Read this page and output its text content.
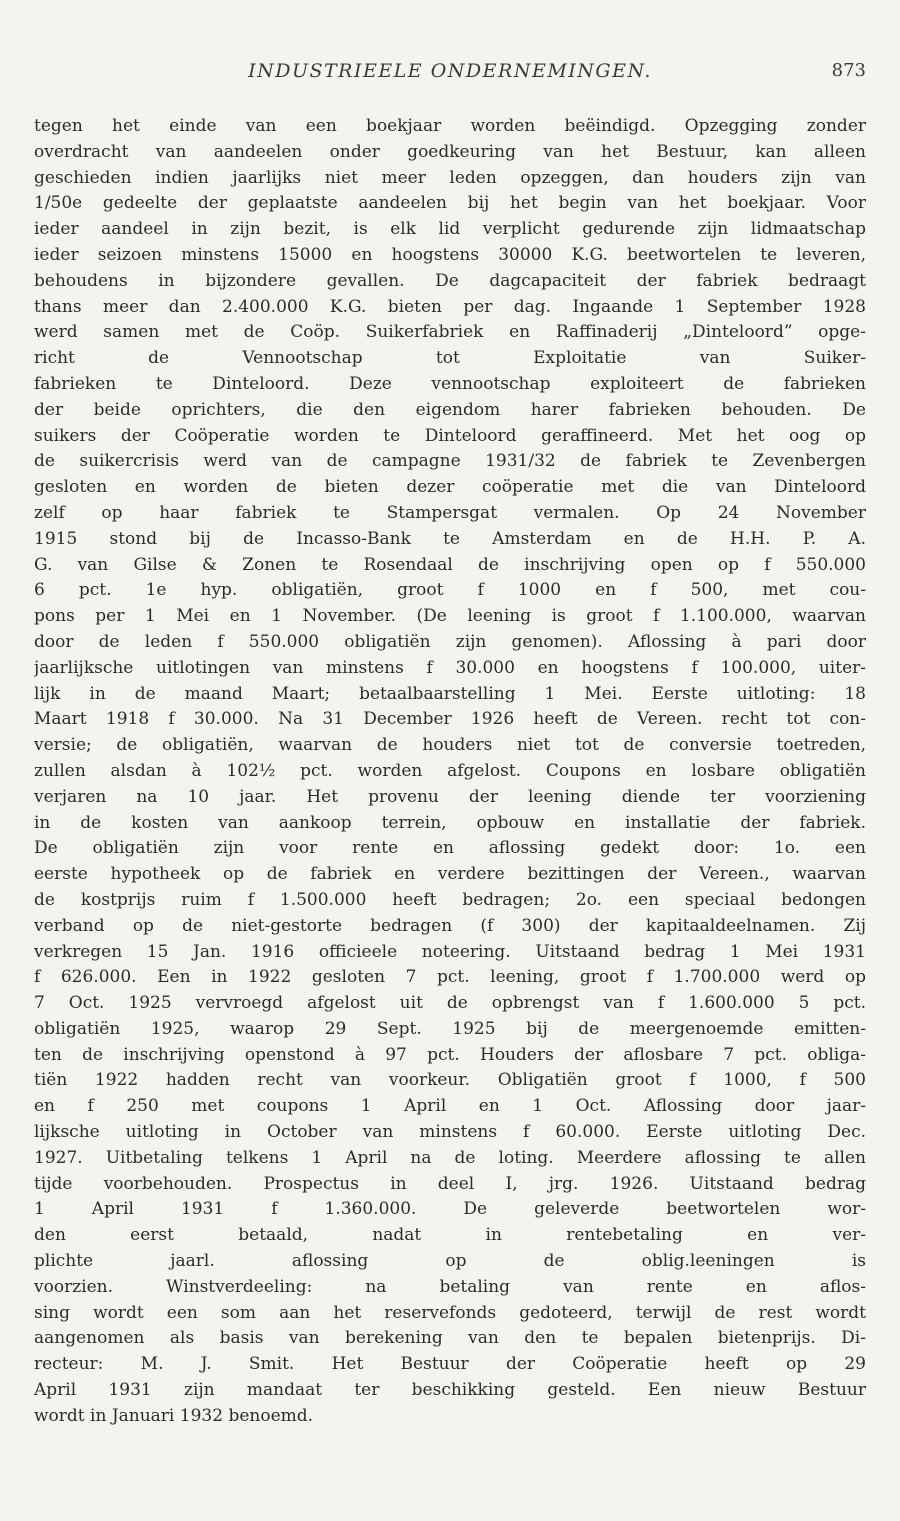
INDUSTRIEELE ONDERNEMINGEN.	873
tegen het einde van een boekjaar worden beëindigd. Opzegging zonder
overdracht van aandeelen onder goedkeuring van het Bestuur, kan alleen
geschieden indien jaarlijks niet meer leden opzeggen, dan houders zijn van
1/50e gedeelte der geplaatste aandeelen bij het begin van het boekjaar. Voor
ieder aandeel in zijn bezit, is elk lid verplicht gedurende zijn lidmaatschap
ieder seizoen minstens 15000 en hoogstens 30000 K.G. beetwortelen te leveren,
behoudens in bijzondere gevallen. De dagcapaciteit der fabriek bedraagt
thans meer dan 2.400.000 K.G. bieten per dag. Ingaande 1 September 1928
werd samen met de Coöp. Suikerfabriek en Raffinaderij „Dinteloord” opge-
richt de Vennootschap tot Exploitatie van Suiker-
fabrieken te Dinteloord. Deze vennootschap exploiteert de fabrieken
der beide oprichters, die den eigendom harer fabrieken behouden. De
suikers der Coöperatie worden te Dinteloord geraffineerd. Met het oog op
de suikercrisis werd van de campagne 1931/32 de fabriek te Zevenbergen
gesloten en worden de bieten dezer coöperatie met die van Dinteloord
zelf op haar fabriek te Stampersgat vermalen. Op 24 November
1915 stond bij de Incasso-Bank te Amsterdam en de H.H. P. A.
G. van Gilse & Zonen te Rosendaal de inschrijving open op f 550.000
6 pct. 1e hyp. obligatiën, groot f 1000 en f 500, met cou-
pons per 1 Mei en 1 November. (De leening is groot f 1.100.000, waarvan
door de leden f 550.000 obligatiën zijn genomen). Aflossing à pari door
jaarlijksche uitlotingen van minstens f 30.000 en hoogstens f 100.000, uiter-
lijk in de maand Maart; betaalbaarstelling 1 Mei. Eerste uitloting: 18
Maart 1918 f 30.000. Na 31 December 1926 heeft de Vereen. recht tot con-
versie; de obligatiën, waarvan de houders niet tot de conversie toetreden,
zullen alsdan à 102½ pct. worden afgelost. Coupons en losbare obligatiën
verjaren na 10 jaar. Het provenu der leening diende ter voorziening
in de kosten van aankoop terrein, opbouw en installatie der fabriek.
De obligatiën zijn voor rente en aflossing gedekt door: 1o. een
eerste hypotheek op de fabriek en verdere bezittingen der Vereen., waarvan
de kostprijs ruim f 1.500.000 heeft bedragen; 2o. een speciaal bedongen
verband op de niet-gestorte bedragen (f 300) der kapitaaldeelnamen. Zij
verkregen 15 Jan. 1916 officieele noteering. Uitstaand bedrag 1 Mei 1931
f 626.000. Een in 1922 gesloten 7 pct. leening, groot f 1.700.000 werd op
7 Oct. 1925 vervroegd afgelost uit de opbrengst van f 1.600.000 5 pct.
obligatiën 1925, waarop 29 Sept. 1925 bij de meergenoemde emitten-
ten de inschrijving openstond à 97 pct. Houders der aflosbare 7 pct. obliga-
tiën 1922 hadden recht van voorkeur. Obligatiën groot f 1000, f 500
en f 250 met coupons 1 April en 1 Oct. Aflossing door jaar-
lijksche uitloting in October van minstens f 60.000. Eerste uitloting Dec.
1927. Uitbetaling telkens 1 April na de loting. Meerdere aflossing te allen
tijde voorbehouden. Prospectus in deel I, jrg. 1926. Uitstaand bedrag
1 April 1931 f 1.360.000. De geleverde beetwortelen wor-
den eerst betaald, nadat in rentebetaling en ver-
plichte jaarl. aflossing op de oblig.leeningen is
voorzien. Winstverdeeling: na betaling van rente en aflos-
sing wordt een som aan het reservefonds gedoteerd, terwijl de rest wordt
aangenomen als basis van berekening van den te bepalen bietenprijs. Di-
recteur: M. J. Smit. Het Bestuur der Coöperatie heeft op 29
April 1931 zijn mandaat ter beschikking gesteld. Een nieuw Bestuur
wordt in Januari 1932 benoemd.
